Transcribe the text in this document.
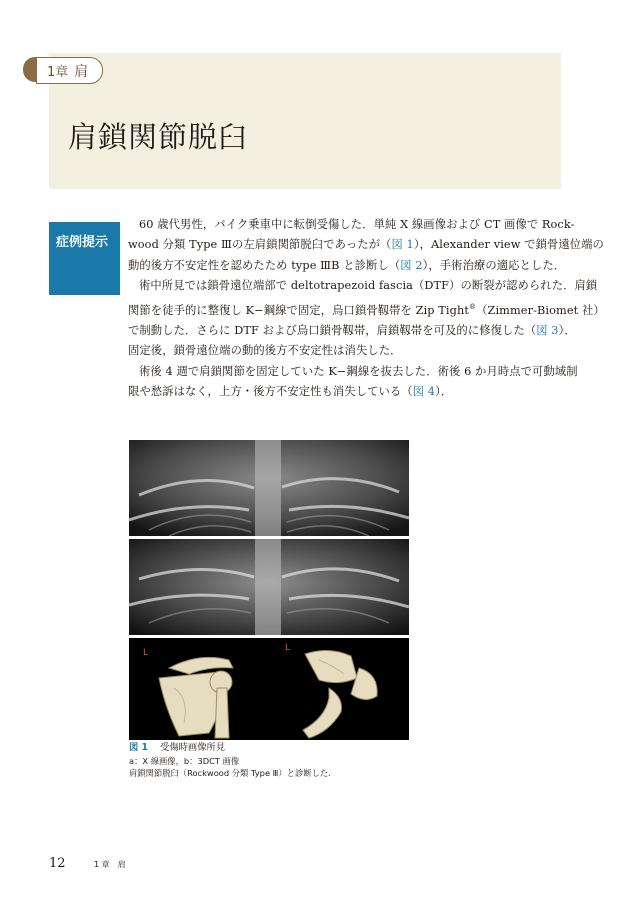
1章 肩
肩鎖関節脱臼
症例提示

60 歳代男性，バイク乗車中に転倒受傷した．単純 X 線画像および CT 画像で Rock-
wood 分類 Type Ⅲの左肩鎖関節脱臼であったが（図 1），Alexander view で鎖骨遠位端の
動的後方不安定性を認めたため type ⅢB と診断し（図 2），手術治療の適応とした．

術中所見では鎖骨遠位端部で deltotrapezoid fascia（DTF）の断裂が認められた．肩鎖
関節を徒手的に整復し K−鋼線で固定，烏口鎖骨靱帯を Zip Tight®（Zimmer-Biomet 社）
で制動した．さらに DTF および烏口鎖骨靱帯，肩鎖靱帯を可及的に修復した（図 3）．
固定後，鎖骨遠位端の動的後方不安定性は消失した．

術後 4 週で肩鎖関節を固定していた K−鋼線を抜去した．術後 6 か月時点で可動域制
限や愁訴はなく，上方・後方不安定性も消失している（図 4）．

L	L
図 1 受傷時画像所見
a：X 線画像，b：3DCT 画像
肩鎖関節脱臼（Rockwood 分類 Type Ⅲ）と診断した．
12	1 章　肩
